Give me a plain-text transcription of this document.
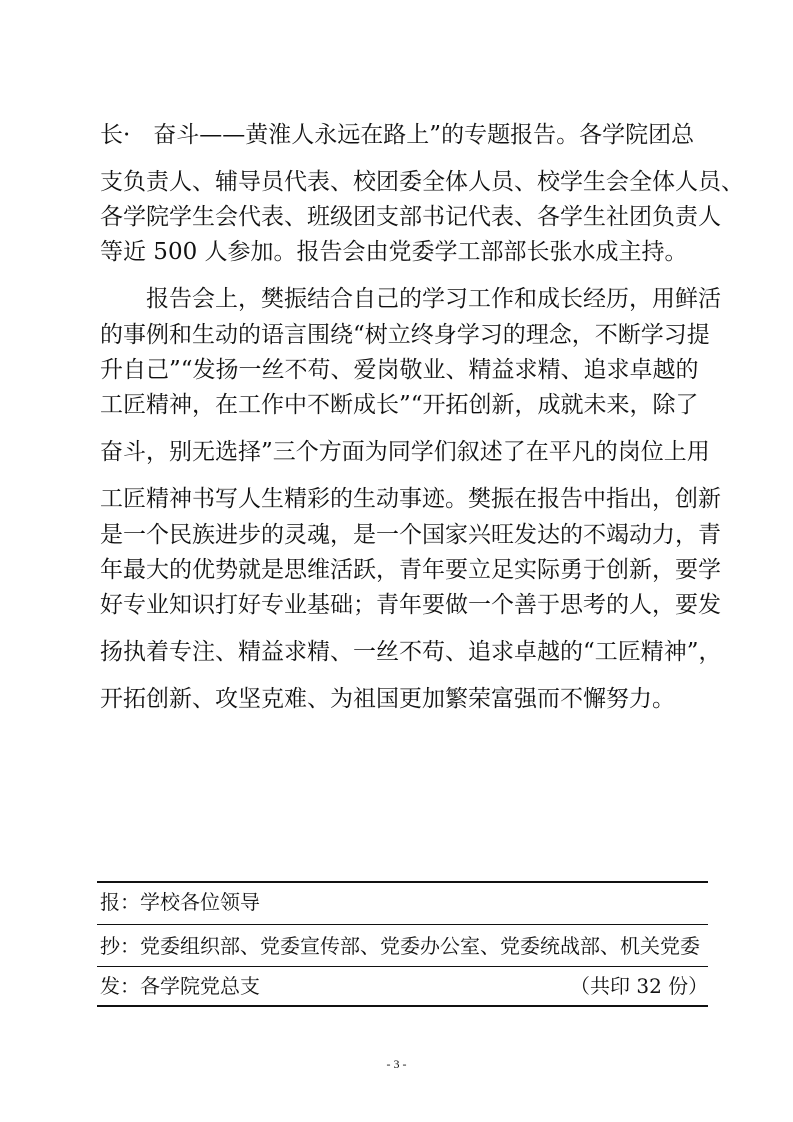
长·　奋斗——黄淮人永远在路上”的专题报告。各学院团总
支负责人、辅导员代表、校团委全体人员、校学生会全体人员、
各学院学生会代表、班级团支部书记代表、各学生社团负责人
等近 500 人参加。报告会由党委学工部部长张水成主持。
　　报告会上，樊振结合自己的学习工作和成长经历，用鲜活
的事例和生动的语言围绕“树立终身学习的理念，不断学习提
升自己”“发扬一丝不苟、爱岗敬业、精益求精、追求卓越的
工匠精神，在工作中不断成长”“开拓创新，成就未来，除了
奋斗，别无选择”三个方面为同学们叙述了在平凡的岗位上用
工匠精神书写人生精彩的生动事迹。樊振在报告中指出，创新
是一个民族进步的灵魂，是一个国家兴旺发达的不竭动力，青
年最大的优势就是思维活跃，青年要立足实际勇于创新，要学
好专业知识打好专业基础；青年要做一个善于思考的人，要发
扬执着专注、精益求精、一丝不苟、追求卓越的“工匠精神”，
开拓创新、攻坚克难、为祖国更加繁荣富强而不懈努力。
报：学校各位领导
抄：党委组织部、党委宣传部、党委办公室、党委统战部、机关党委
发：各学院党总支	（共印 32 份）
- 3 -
